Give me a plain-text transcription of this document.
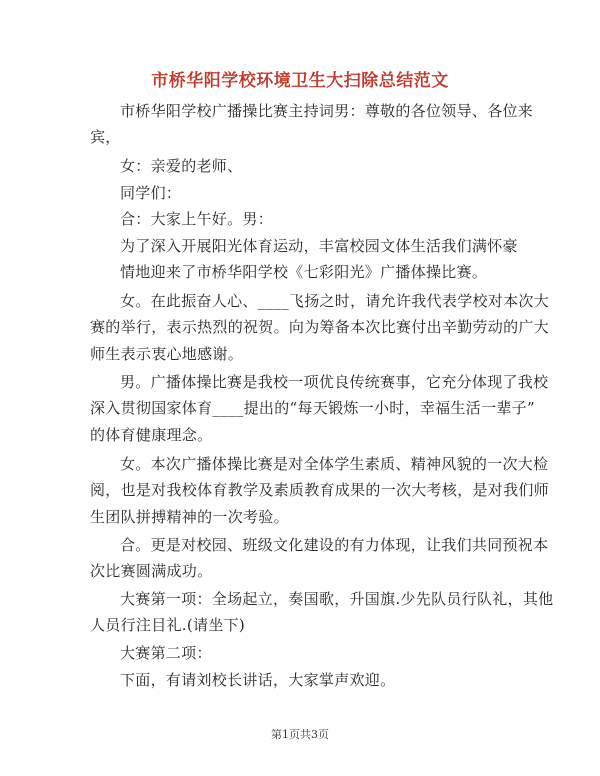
市桥华阳学校环境卫生大扫除总结范文
市桥华阳学校广播操比赛主持词男：尊敬的各位领导、各位来
宾，
女：亲爱的老师、
同学们：
合：大家上午好。男：
为了深入开展阳光体育运动，丰富校园文体生活我们满怀豪
情地迎来了市桥华阳学校《七彩阳光》广播体操比赛。
女。在此振奋人心、____飞扬之时，请允许我代表学校对本次大
赛的举行，表示热烈的祝贺。向为筹备本次比赛付出辛勤劳动的广大
师生表示衷心地感谢。
男。广播体操比赛是我校一项优良传统赛事，它充分体现了我校
深入贯彻国家体育____提出的“每天锻炼一小时，幸福生活一辈子”
的体育健康理念。
女。本次广播体操比赛是对全体学生素质、精神风貌的一次大检
阅，也是对我校体育教学及素质教育成果的一次大考核，是对我们师
生团队拼搏精神的一次考验。
合。更是对校园、班级文化建设的有力体现，让我们共同预祝本
次比赛圆满成功。
大赛第一项：全场起立，奏国歌，升国旗.少先队员行队礼，其他
人员行注目礼.(请坐下)
大赛第二项：
下面，有请刘校长讲话，大家掌声欢迎。
第1页共3页
